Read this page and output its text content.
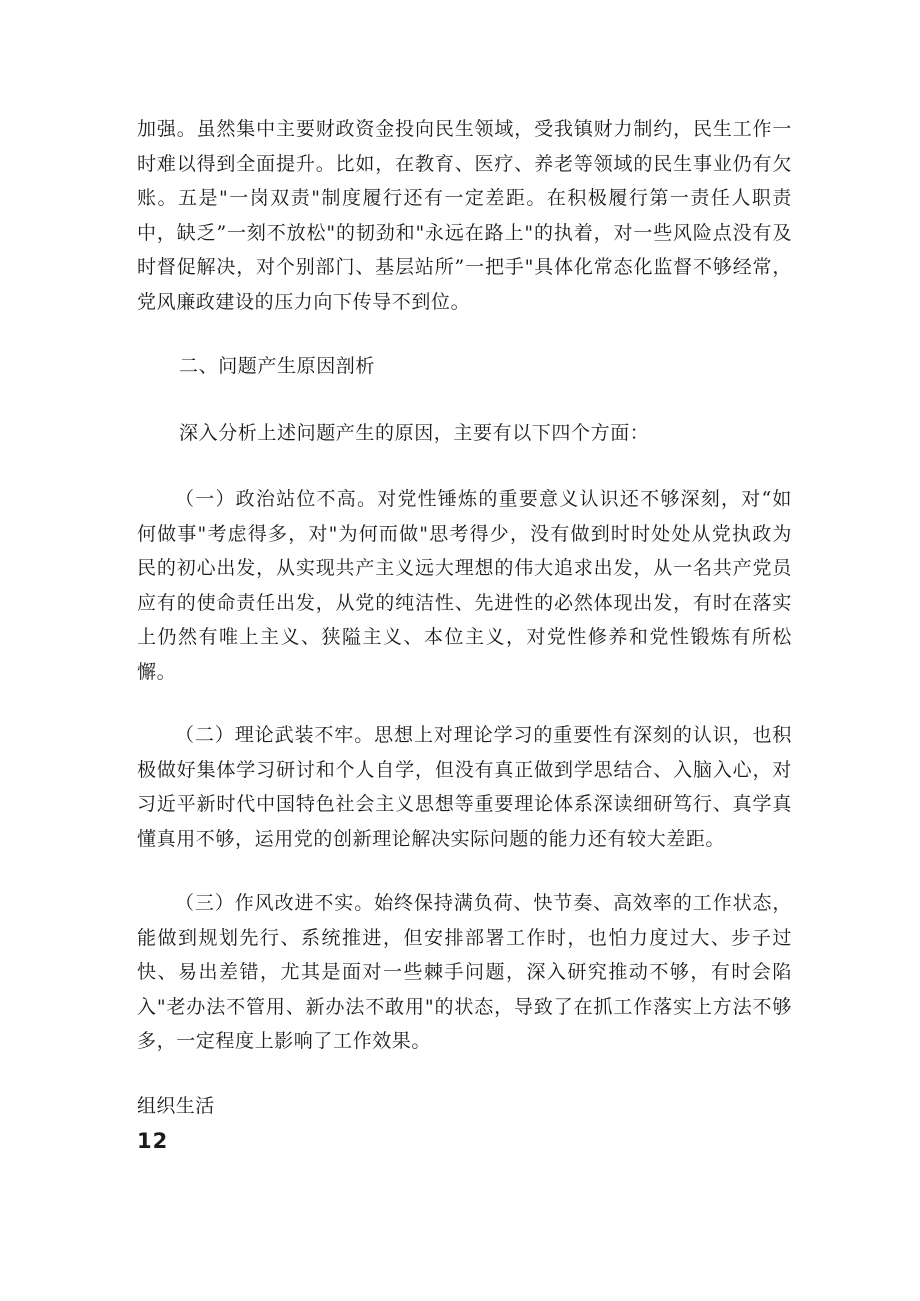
加强。虽然集中主要财政资金投向民生领域，受我镇财力制约，民生工作一时难以得到全面提升。比如，在教育、医疗、养老等领域的民生事业仍有欠账。五是"一岗双责"制度履行还有一定差距。在积极履行第一责任人职责中，缺乏”一刻不放松"的韧劲和"永远在路上"的执着，对一些风险点没有及时督促解决，对个别部门、基层站所”一把手"具体化常态化监督不够经常，党风廉政建设的压力向下传导不到位。

二、问题产生原因剖析

深入分析上述问题产生的原因，主要有以下四个方面：

（一）政治站位不高。对党性锤炼的重要意义认识还不够深刻，对“如何做事"考虑得多，对"为何而做"思考得少，没有做到时时处处从党执政为民的初心出发，从实现共产主义远大理想的伟大追求出发，从一名共产党员应有的使命责任出发，从党的纯洁性、先进性的必然体现出发，有时在落实上仍然有唯上主义、狭隘主义、本位主义，对党性修养和党性锻炼有所松懈。

（二）理论武装不牢。思想上对理论学习的重要性有深刻的认识，也积极做好集体学习研讨和个人自学，但没有真正做到学思结合、入脑入心，对习近平新时代中国特色社会主义思想等重要理论体系深读细研笃行、真学真懂真用不够，运用党的创新理论解决实际问题的能力还有较大差距。

（三）作风改进不实。始终保持满负荷、快节奏、高效率的工作状态，能做到规划先行、系统推进，但安排部署工作时，也怕力度过大、步子过快、易出差错，尤其是面对一些棘手问题，深入研究推动不够，有时会陷入"老办法不管用、新办法不敢用"的状态，导致了在抓工作落实上方法不够多，一定程度上影响了工作效果。

组织生活
12
